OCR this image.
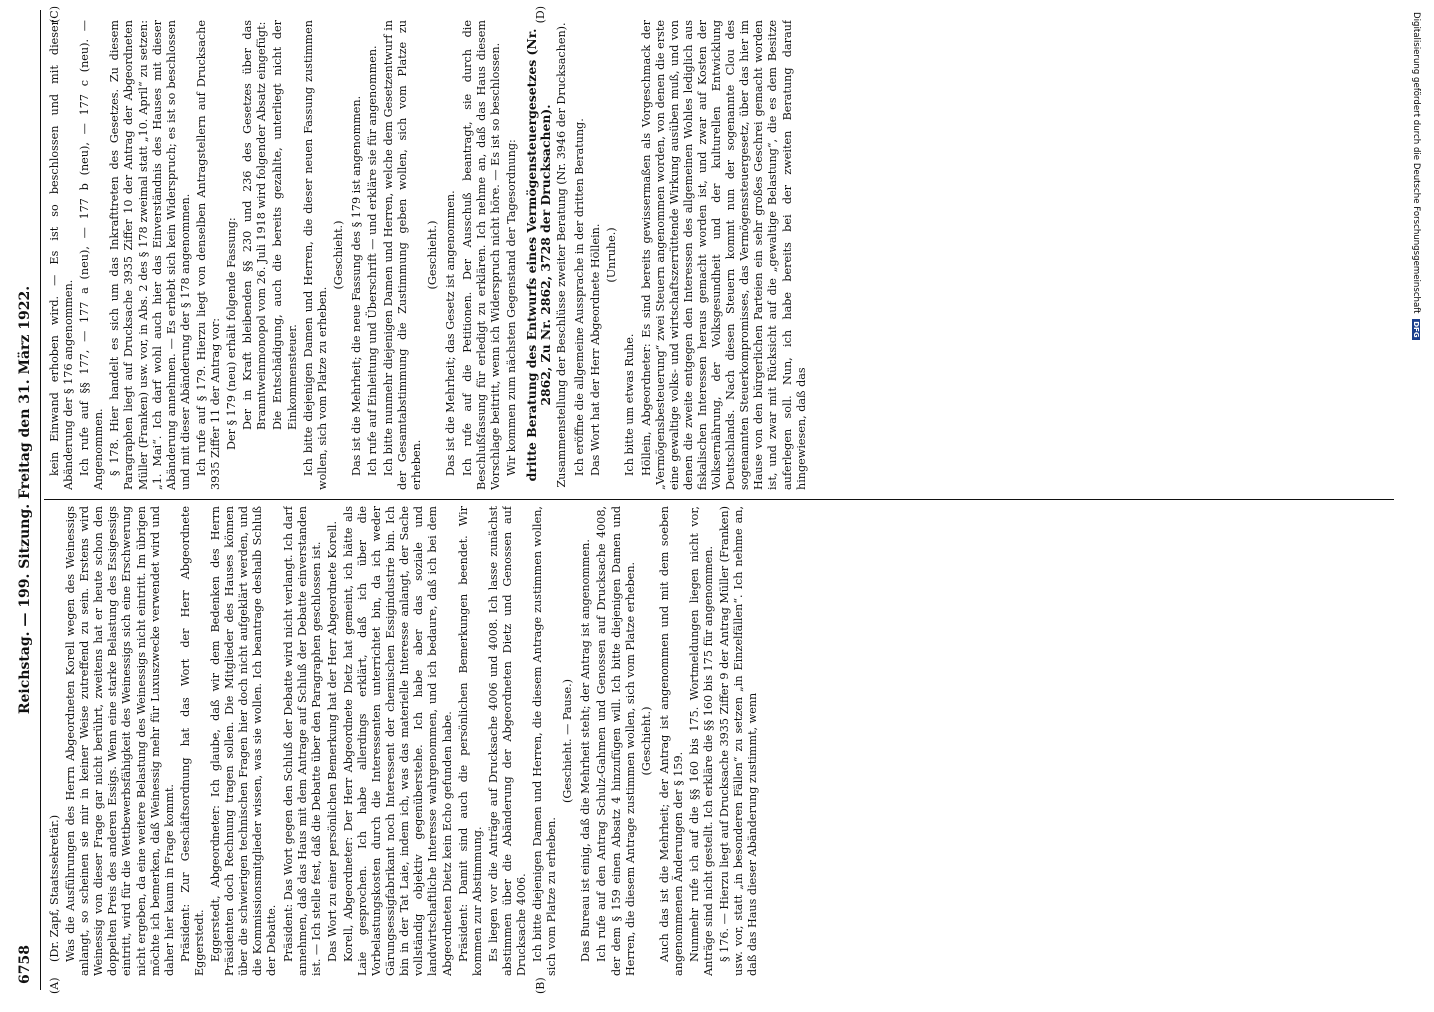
6758
Reichstag. — 199. Sitzung. Freitag den 31. März 1922.
(A)	(B)
(C)	(D)

(Dr. Zapf, Staatssekretär.) Was die Ausführungen des Herrn Abgeordneten Korell wegen des Weinessigs anlangt, so scheinen sie mir in keiner Weise zutreffend zu sein. Erstens wird Weinessig von dieser Frage gar nicht berührt, zweitens hat er heute schon den doppelten Preis des anderen Essigs. Wenn eine starke Belastung des Essigessigs eintritt, wird für die Wettbewerbsfähigkeit des Weinessigs sich eine Erschwerung nicht ergeben, da eine weitere Belastung des Weinessigs nicht eintritt. Im übrigen möchte ich bemerken, daß Weinessig mehr für Luxuszwecke verwendet wird und daher hier kaum in Frage kommt. Präsident: Zur Geschäftsordnung hat das Wort der Herr Abgeordnete Eggerstedt. Eggerstedt, Abgeordneter: Ich glaube, daß wir dem Bedenken des Herrn Präsidenten doch Rechnung tragen sollen. Die Mitglieder des Hauses können über die schwierigen technischen Fragen hier doch nicht aufgeklärt werden, und die Kommissionsmitglieder wissen, was sie wollen. Ich beantrage deshalb Schluß der Debatte. Präsident: Das Wort gegen den Schluß der Debatte wird nicht verlangt. Ich darf annehmen, daß das Haus mit dem Antrage auf Schluß der Debatte einverstanden ist. — Ich stelle fest, daß die Debatte über den Paragraphen geschlossen ist. Das Wort zu einer persönlichen Bemerkung hat der Herr Abgeordnete Korell. Korell, Abgeordneter: Der Herr Abgeordnete Dietz hat gemeint, ich hätte als Laie gesprochen. Ich habe allerdings erklärt, daß ich über die Vorbelastungskosten durch die Interessenten unterrichtet bin, da ich weder Gärungsessigfabrikant noch Interessent der chemischen Essigindustrie bin. Ich bin in der Tat Laie, indem ich, was das materielle Interesse anlangt, der Sache vollständig objektiv gegenüberstehe. Ich habe aber das soziale und landwirtschaftliche Interesse wahrgenommen, und ich bedaure, daß ich bei dem Abgeordneten Dietz kein Echo gefunden habe. Präsident: Damit sind auch die persönlichen Bemerkungen beendet. Wir kommen zur Abstimmung. Es liegen vor die Anträge auf Drucksache 4006 und 4008. Ich lasse zunächst abstimmen über die Abänderung der Abgeordneten Dietz und Genossen auf Drucksache 4006. Ich bitte diejenigen Damen und Herren, die diesem Antrage zustimmen wollen, sich vom Platze zu erheben.

(Geschieht. — Pause.) Das Bureau ist einig, daß die Mehrheit steht; der Antrag ist angenommen. Ich rufe auf den Antrag Schulz-Gahmen und Genossen auf Drucksache 4008, der dem § 159 einen Absatz 4 hinzufügen will. Ich bitte diejenigen Damen und Herren, die diesem Antrage zustimmen wollen, sich vom Platze erheben. (Geschieht.) Auch das ist die Mehrheit; der Antrag ist angenommen und mit dem soeben angenommenen Änderungen der § 159. Nunmehr rufe ich auf die §§ 160 bis 175. Wortmeldungen liegen nicht vor, Anträge sind nicht gestellt. Ich erkläre die §§ 160 bis 175 für angenommen. § 176. — Hierzu liegt auf Drucksache 3935 Ziffer 9 der Antrag Müller (Franken) usw. vor, statt „in besonderen Fällen“ zu setzen „in Einzelfällen“. Ich nehme an, daß das Haus dieser Abänderung zustimmt, wenn

kein Einwand erhoben wird. — Es ist so beschlossen und mit dieser Abänderung der § 176 angenommen. Ich rufe auf §§ 177, — 177 a (neu), — 177 b (neu), — 177 c (neu). — Angenommen. § 178. Hier handelt es sich um das Inkrafttreten des Gesetzes. Zu diesem Paragraphen liegt auf Drucksache 3935 Ziffer 10 der Antrag der Abgeordneten Müller (Franken) usw. vor, in Abs. 2 des § 178 zweimal statt „10. April“ zu setzen: „1. Mai“. Ich darf wohl auch hier das Einverständnis des Hauses mit dieser Abänderung annehmen. — Es erhebt sich kein Widerspruch; es ist so beschlossen und mit dieser Abänderung der § 178 angenommen. Ich rufe auf § 179. Hierzu liegt von denselben Antragstellern auf Drucksache 3935 Ziffer 11 der Antrag vor: Der § 179 (neu) erhält folgende Fassung: Der in Kraft bleibenden §§ 230 und 236 des Gesetzes über das Branntweinmonopol vom 26. Juli 1918 wird folgender Absatz eingefügt: Die Entschädigung, auch die bereits gezahlte, unterliegt nicht der Einkommensteuer. Ich bitte diejenigen Damen und Herren, die dieser neuen Fassung zustimmen wollen, sich vom Platze zu erheben.

(Geschieht.) Das ist die Mehrheit; die neue Fassung des § 179 ist angenommen. Ich rufe auf Einleitung und Überschrift — und erkläre sie für angenommen. Ich bitte nunmehr diejenigen Damen und Herren, welche dem Gesetzentwurf in der Gesamtabstimmung die Zustimmung geben wollen, sich vom Platze zu erheben.

(Geschieht.) Das ist die Mehrheit; das Gesetz ist angenommen. Ich rufe auf die Petitionen. Der Ausschuß beantragt, sie durch die Beschlußfassung für erledigt zu erklären. Ich nehme an, daß das Haus diesem Vorschlage beitritt, wenn ich Widerspruch nicht höre. — Es ist so beschlossen. Wir kommen zum nächsten Gegenstand der Tagesordnung: dritte Beratung des Entwurfs eines Vermögensteuergesetzes (Nr. 2862, Zu Nr. 2862, 3728 der Drucksachen). Zusammenstellung der Beschlüsse zweiter Beratung (Nr. 3946 der Drucksachen). Ich eröffne die allgemeine Aussprache in der dritten Beratung. Das Wort hat der Herr Abgeordnete Höllein. (Unruhe.)

Ich bitte um etwas Ruhe. Höllein, Abgeordneter: Es sind bereits gewissermaßen als Vorgeschmack der „Vermögensbesteuerung“ zwei Steuern angenommen worden, von denen die erste eine gewaltige volks- und wirtschaftszerrüttende Wirkung ausüben muß, und von denen die zweite entgegen den Interessen des allgemeinen Wohles lediglich aus fiskalischen Interessen heraus gemacht worden ist, und zwar auf Kosten der Volksernährung, der Volksgesundheit und der kulturellen Entwicklung Deutschlands. Nach diesen Steuern kommt nun der sogenannte Clou des sogenannten Steuerkompromisses, das Vermögenssteuergesetz, über das hier im Hause von den bürgerlichen Parteien ein sehr großes Geschrei gemacht worden ist, und zwar mit Rücksicht auf die „gewaltige Belastung“, die es dem Besitze auferlegen soll. Nun, ich habe bereits bei der zweiten Beratung darauf hingewiesen, daß das

Digitalisierung gefördert durch die Deutsche Forschungsgemeinschaft DFG
